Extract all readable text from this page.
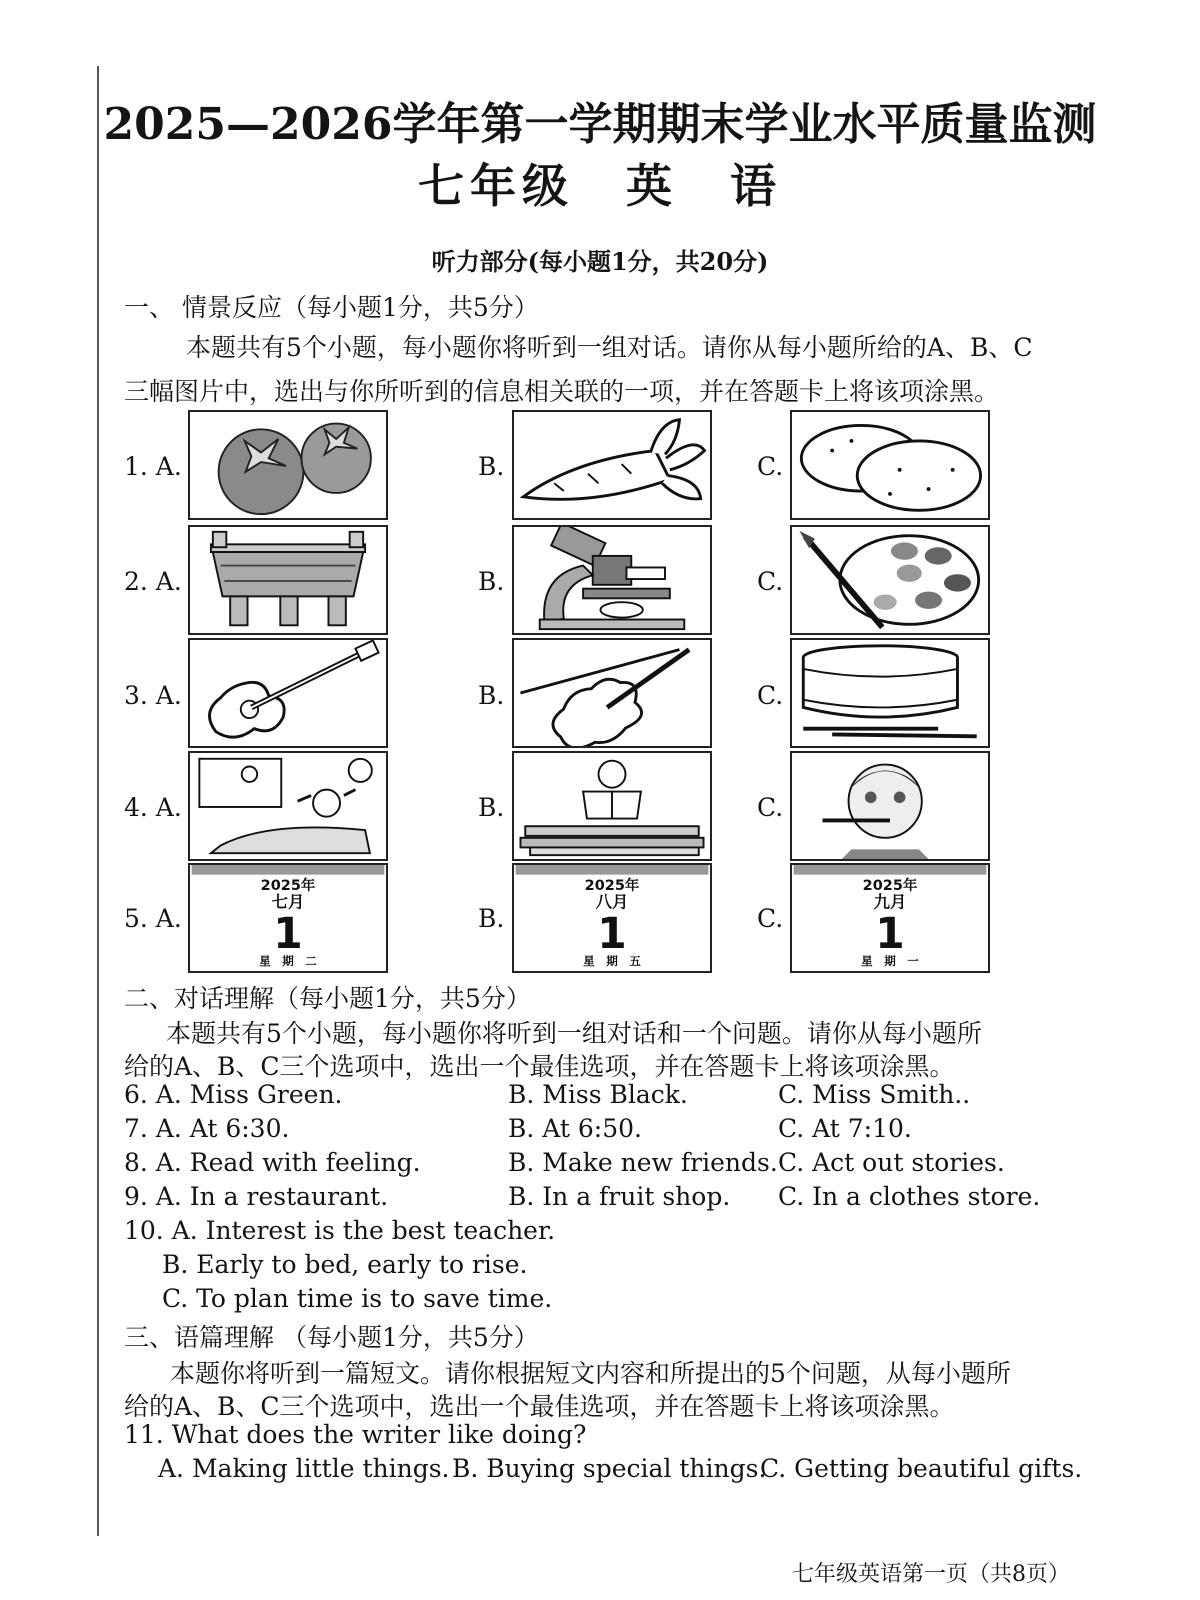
2025—2026学年第一学期期末学业水平质量监测
七年级　英　语
听力部分(每小题1分，共20分)
一、 情景反应（每小题1分，共5分）
本题共有5个小题，每小题你将听到一组对话。请你从每小题所给的A、B、C
三幅图片中，选出与你所听到的信息相关联的一项，并在答题卡上将该项涂黑。
1. A.	B.	C.
2. A.	B.	C.
3. A.	B.	C.
4. A.	B.	C.
5. A.	B.	C.
2025年
七月
1
星　期　二
2025年
八月
1
星　期　五
2025年
九月
1
星　期　一
二、对话理解（每小题1分，共5分）
本题共有5个小题，每小题你将听到一组对话和一个问题。请你从每小题所
给的A、B、C三个选项中，选出一个最佳选项，并在答题卡上将该项涂黑。
6. A. Miss Green.	B. Miss Black.	C. Miss Smith..
7. A. At 6:30.	B. At 6:50.	C. At 7:10.
8. A. Read with feeling.	B. Make new friends. C. Act out stories.
9. A. In a restaurant.	B. In a fruit shop. C. In a clothes store.
10. A. Interest is the best teacher.
B. Early to bed, early to rise.
C. To plan time is to save time.
三、语篇理解 （每小题1分，共5分）
本题你将听到一篇短文。请你根据短文内容和所提出的5个问题，从每小题所
给的A、B、C三个选项中，选出一个最佳选项，并在答题卡上将该项涂黑。
11. What does the writer like doing?
A. Making little things. B. Buying special things.
C. Getting beautiful gifts.
七年级英语第一页（共8页）
